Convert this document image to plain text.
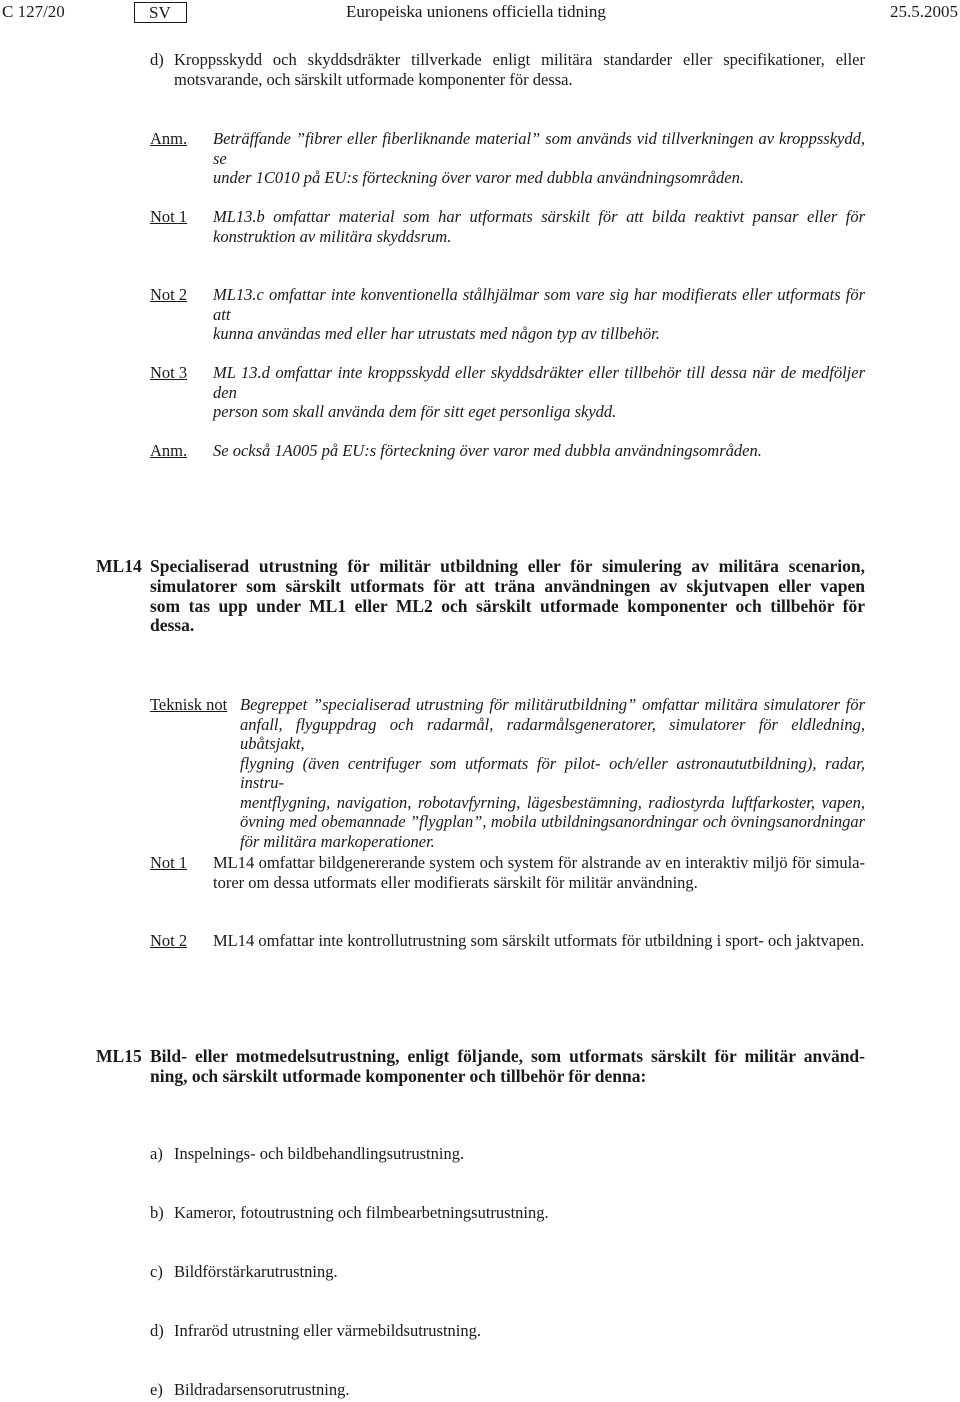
C 127/20	SV	Europeiska unionens officiella tidning	25.5.2005
d) Kroppsskydd och skyddsdräkter tillverkade enligt militära standarder eller specifikationer, eller
motsvarande, och särskilt utformade komponenter för dessa.
Anm. Beträffande ”fibrer eller fiberliknande material” som används vid tillverkningen av kroppsskydd, se
under 1C010 på EU:s förteckning över varor med dubbla användningsområden.
Not 1 ML13.b omfattar material som har utformats särskilt för att bilda reaktivt pansar eller för
konstruktion av militära skyddsrum.
Not 2 ML13.c omfattar inte konventionella stålhjälmar som vare sig har modifierats eller utformats för att
kunna användas med eller har utrustats med någon typ av tillbehör.
Not 3 ML 13.d omfattar inte kroppsskydd eller skyddsdräkter eller tillbehör till dessa när de medföljer den
person som skall använda dem för sitt eget personliga skydd.
Anm. Se också 1A005 på EU:s förteckning över varor med dubbla användningsområden.
ML14 Specialiserad utrustning för militär utbildning eller för simulering av militära scenarion,
simulatorer som särskilt utformats för att träna användningen av skjutvapen eller vapen
som tas upp under ML1 eller ML2 och särskilt utformade komponenter och tillbehör för
dessa.
Teknisk not Begreppet ”specialiserad utrustning för militärutbildning” omfattar militära simulatorer för
anfall, flyguppdrag och radarmål, radarmålsgeneratorer, simulatorer för eldledning, ubåtsjakt,
flygning (även centrifuger som utformats för pilot- och/eller astronaututbildning), radar, instru-
mentflygning, navigation, robotavfyrning, lägesbestämning, radiostyrda luftfarkoster, vapen,
övning med obemannade ”flygplan”, mobila utbildningsanordningar och övningsanordningar
för militära markoperationer.
Not 1 ML14 omfattar bildgenererande system och system för alstrande av en interaktiv miljö för simula-
torer om dessa utformats eller modifierats särskilt för militär användning.
Not 2 ML14 omfattar inte kontrollutrustning som särskilt utformats för utbildning i sport- och jaktvapen.
ML15 Bild- eller motmedelsutrustning, enligt följande, som utformats särskilt för militär använd-
ning, och särskilt utformade komponenter och tillbehör för denna:
a) Inspelnings- och bildbehandlingsutrustning.
b) Kameror, fotoutrustning och filmbearbetningsutrustning.
c) Bildförstärkarutrustning.
d) Infraröd utrustning eller värmebildsutrustning.
e) Bildradarsensorutrustning.
